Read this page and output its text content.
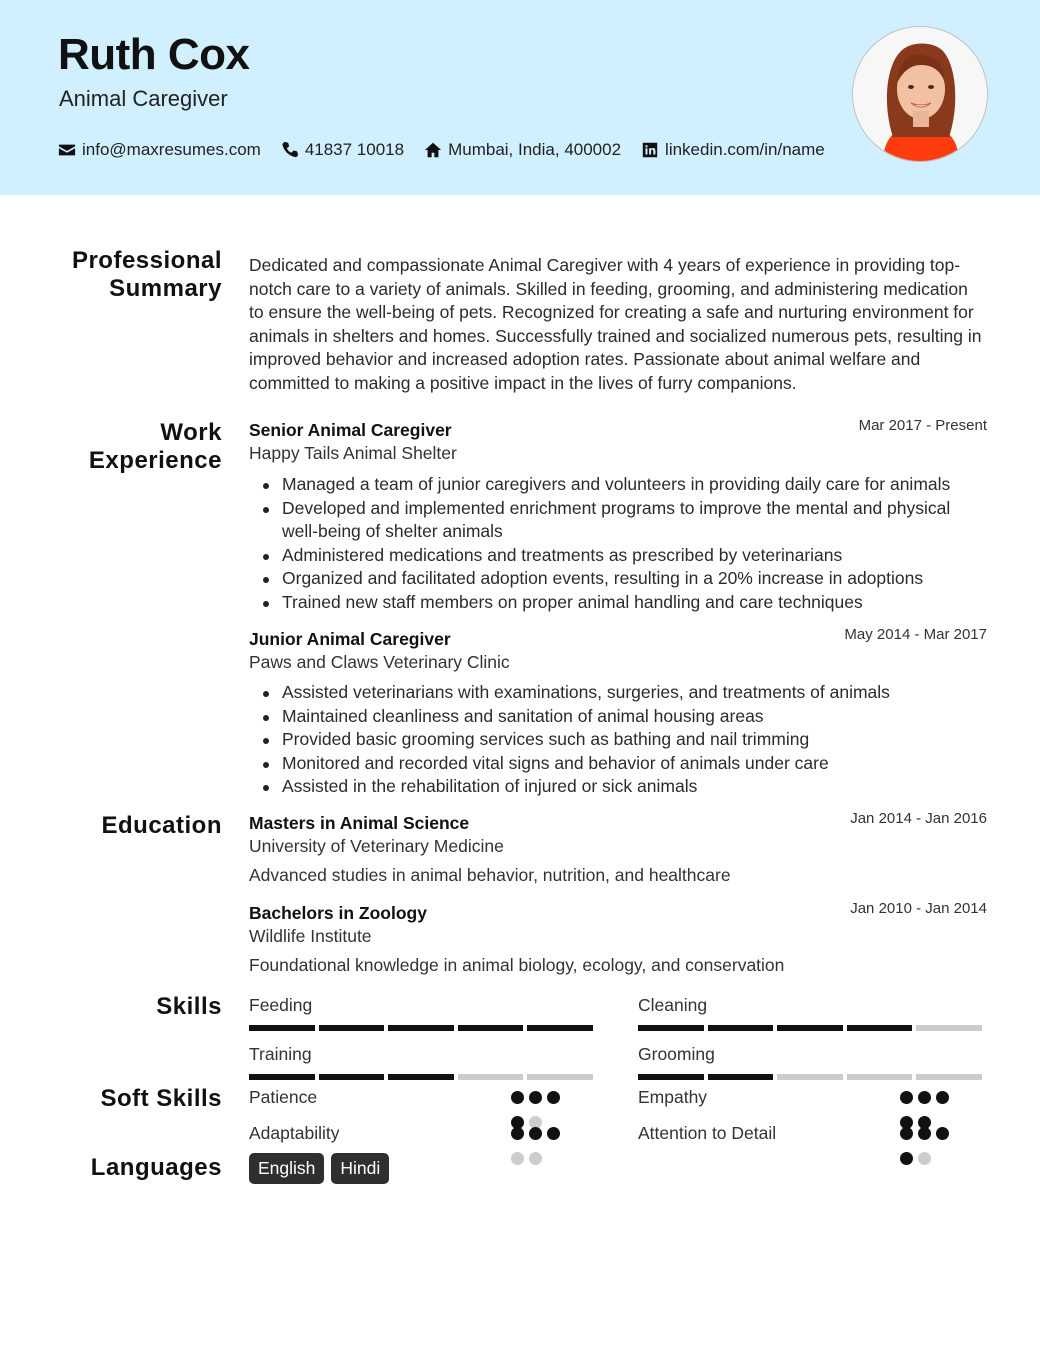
Ruth Cox
Animal Caregiver
info@maxresumes.com	41837 10018	Mumbai, India, 400002	linkedin.com/in/name
Professional
Summary

Dedicated and compassionate Animal Caregiver with 4 years of experience in providing top-notch care to a variety of animals. Skilled in feeding, grooming, and administering medication to ensure the well-being of pets. Recognized for creating a safe and nurturing environment for animals in shelters and homes. Successfully trained and socialized numerous pets, resulting in improved behavior and increased adoption rates. Passionate about animal welfare and committed to making a positive impact in the lives of furry companions.

Work
Experience
Senior Animal Caregiver	Mar 2017 - Present
Happy Tails Animal Shelter
Managed a team of junior caregivers and volunteers in providing daily care for animals
Developed and implemented enrichment programs to improve the mental and physical well-being of shelter animals
Administered medications and treatments as prescribed by veterinarians
Organized and facilitated adoption events, resulting in a 20% increase in adoptions
Trained new staff members on proper animal handling and care techniques
Junior Animal Caregiver	May 2014 - Mar 2017
Paws and Claws Veterinary Clinic
Assisted veterinarians with examinations, surgeries, and treatments of animals
Maintained cleanliness and sanitation of animal housing areas
Provided basic grooming services such as bathing and nail trimming
Monitored and recorded vital signs and behavior of animals under care
Assisted in the rehabilitation of injured or sick animals
Education Masters in Animal Science	Jan 2014 - Jan 2016
University of Veterinary Medicine
Advanced studies in animal behavior, nutrition, and healthcare
Bachelors in Zoology	Jan 2010 - Jan 2014
Wildlife Institute
Foundational knowledge in animal biology, ecology, and conservation
Skills Feeding	Cleaning
Training	Grooming
Soft Skills Patience	Empathy
Adaptability	Attention to Detail
Languages	English	Hindi
